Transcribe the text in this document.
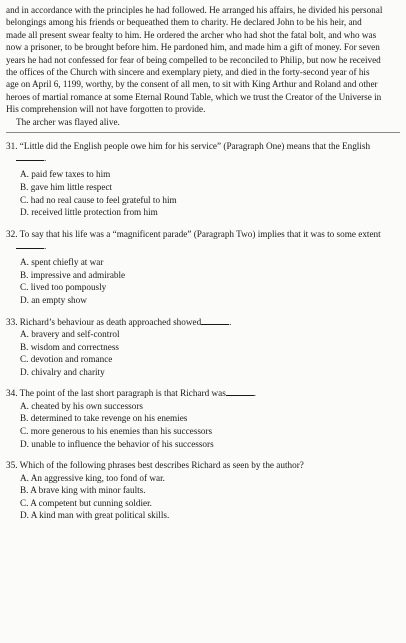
and in accordance with the principles he had followed. He arranged his affairs, he divided his personal
belongings among his friends or bequeathed them to charity. He declared John to be his heir, and
made all present swear fealty to him. He ordered the archer who had shot the fatal bolt, and who was
now a prisoner, to be brought before him. He pardoned him, and made him a gift of money. For seven
years he had not confessed for fear of being compelled to be reconciled to Philip, but now he received
the offices of the Church with sincere and exemplary piety, and died in the forty-second year of his
age on April 6, 1199, worthy, by the consent of all men, to sit with King Arthur and Roland and other
heroes of martial romance at some Eternal Round Table, which we trust the Creator of the Universe in
His comprehension will not have forgotten to provide.
The archer was flayed alive.
31. “Little did the English people owe him for his service” (Paragraph One) means that the English
.
A. paid few taxes to him
B. gave him little respect
C. had no real cause to feel grateful to him
D. received little protection from him
32. To say that his life was a “magnificent parade” (Paragraph Two) implies that it was to some extent
.
A. spent chiefly at war
B. impressive and admirable
C. lived too pompously
D. an empty show
33. Richard’s behaviour as death approached showed	.
A. bravery and self-control
B. wisdom and correctness
C. devotion and romance
D. chivalry and charity
34. The point of the last short paragraph is that Richard was	.
A. cheated by his own successors
B. determined to take revenge on his enemies
C. more generous to his enemies than his successors
D. unable to influence the behavior of his successors
35. Which of the following phrases best describes Richard as seen by the author?
A. An aggressive king, too fond of war.
B. A brave king with minor faults.
C. A competent but cunning soldier.
D. A kind man with great political skills.
